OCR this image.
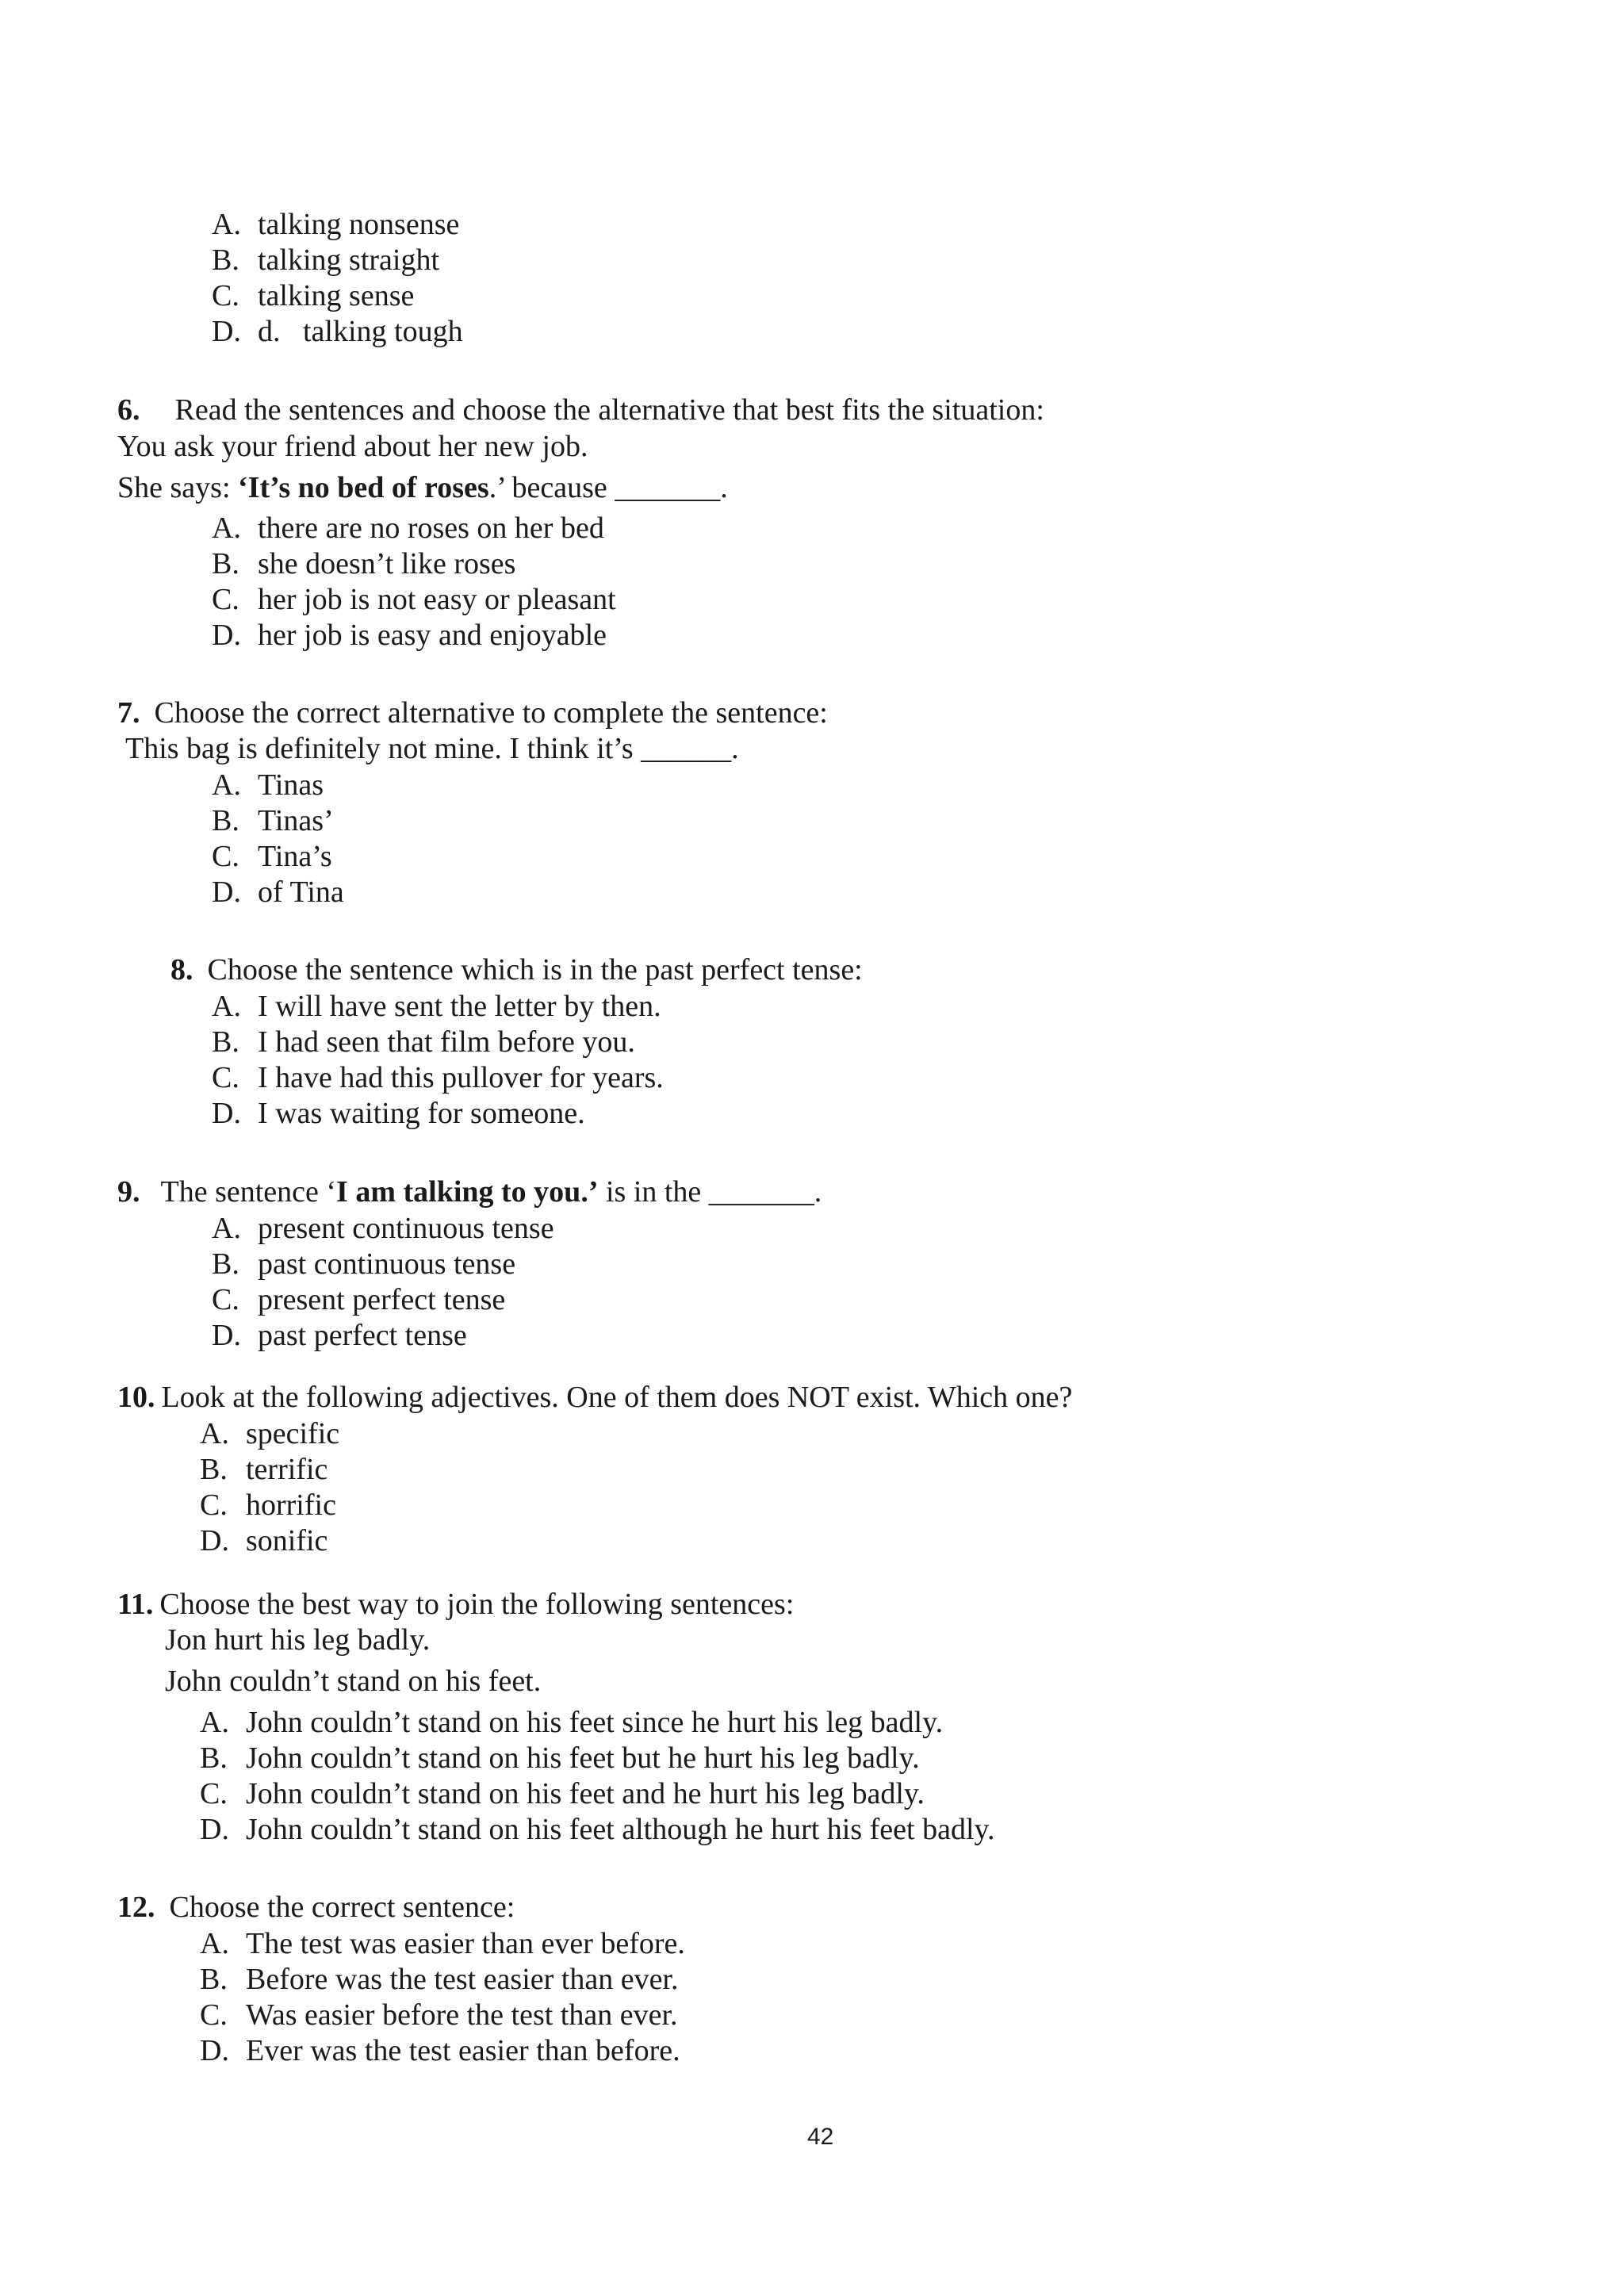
A. talking nonsense
B. talking straight
C. talking sense
D. d.   talking tough
6. Read the sentences and choose the alternative that best fits the situation:
You ask your friend about her new job.
She says: ‘It’s no bed of roses.’ because _______.
A. there are no roses on her bed
B. she doesn’t like roses
C. her job is not easy or pleasant
D. her job is easy and enjoyable
7. Choose the correct alternative to complete the sentence:
This bag is definitely not mine. I think it’s ______.
A. Tinas
B. Tinas’
C. Tina’s
D. of Tina
8. Choose the sentence which is in the past perfect tense:
A. I will have sent the letter by then.
B. I had seen that film before you.
C. I have had this pullover for years.
D. I was waiting for someone.
9. The sentence ‘I am talking to you.’ is in the _______.
A. present continuous tense
B. past continuous tense
C. present perfect tense
D. past perfect tense
10. Look at the following adjectives. One of them does NOT exist. Which one?
A. specific
B. terrific
C. horrific
D. sonific
11. Choose the best way to join the following sentences:
Jon hurt his leg badly.
John couldn’t stand on his feet.
A. John couldn’t stand on his feet since he hurt his leg badly.
B. John couldn’t stand on his feet but he hurt his leg badly.
C. John couldn’t stand on his feet and he hurt his leg badly.
D. John couldn’t stand on his feet although he hurt his feet badly.
12. Choose the correct sentence:
A. The test was easier than ever before.
B. Before was the test easier than ever.
C. Was easier before the test than ever.
D. Ever was the test easier than before.
42
